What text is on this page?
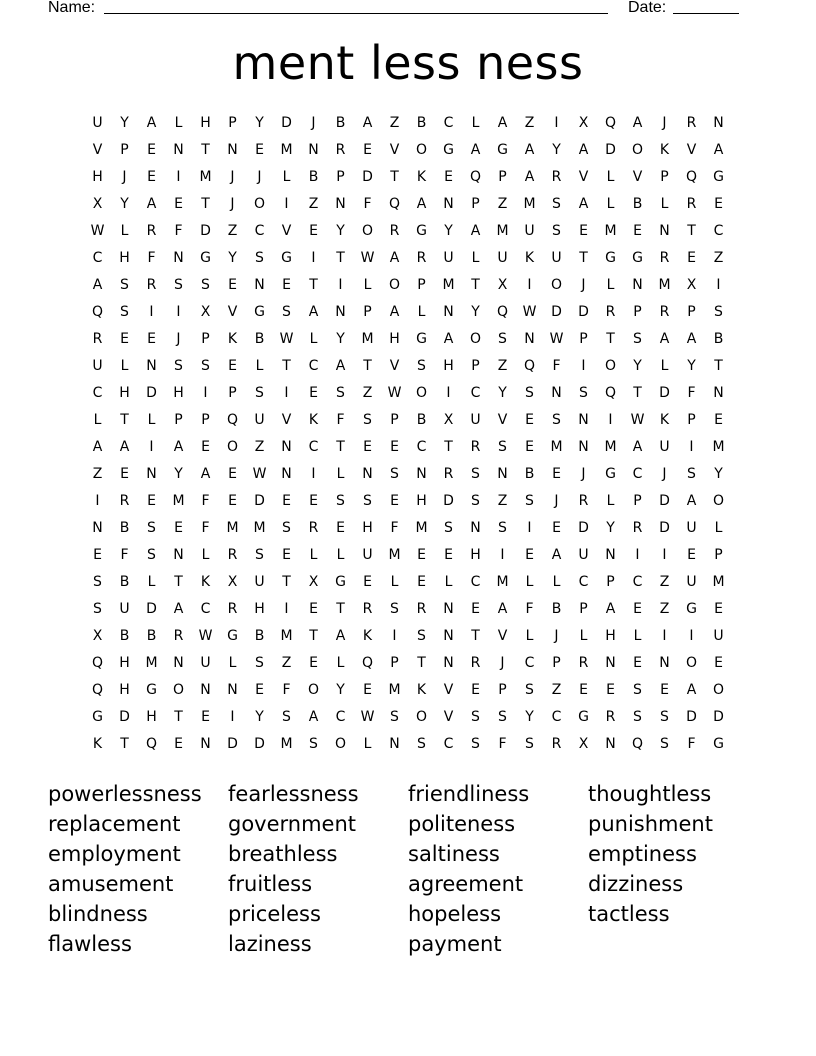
Name:	Date:
ment less ness
U	Y	A	L	H	P	Y	D	J	B	A	Z	B	C	L	A	Z	I	X	Q	A	J	R	N
V	P	E	N	T	N	E	M	N	R	E	V	O	G	A	G	A	Y	A	D	O	K	V	A
H	J	E	I	M	J	J	L	B	P	D	T	K	E	Q	P	A	R	V	L	V	P	Q	G
X	Y	A	E	T	J	O	I	Z	N	F	Q	A	N	P	Z	M	S	A	L	B	L	R	E
W	L	R	F	D	Z	C	V	E	Y	O	R	G	Y	A	M	U	S	E	M	E	N	T	C
C	H	F	N	G	Y	S	G	I	T	W	A	R	U	L	U	K	U	T	G	G	R	E	Z
A	S	R	S	S	E	N	E	T	I	L	O	P	M	T	X	I	O	J	L	N	M	X	I
Q	S	I	I	X	V	G	S	A	N	P	A	L	N	Y	Q	W	D	D	R	P	R	P	S
R	E	E	J	P	K	B	W	L	Y	M	H	G	A	O	S	N	W	P	T	S	A	A	B
U	L	N	S	S	E	L	T	C	A	T	V	S	H	P	Z	Q	F	I	O	Y	L	Y	T
C	H	D	H	I	P	S	I	E	S	Z	W	O	I	C	Y	S	N	S	Q	T	D	F	N
L	T	L	P	P	Q	U	V	K	F	S	P	B	X	U	V	E	S	N	I	W	K	P	E
A	A	I	A	E	O	Z	N	C	T	E	E	C	T	R	S	E	M	N	M	A	U	I	M
Z	E	N	Y	A	E	W	N	I	L	N	S	N	R	S	N	B	E	J	G	C	J	S	Y
I	R	E	M	F	E	D	E	E	S	S	E	H	D	S	Z	S	J	R	L	P	D	A	O
N	B	S	E	F	M	M	S	R	E	H	F	M	S	N	S	I	E	D	Y	R	D	U	L
E	F	S	N	L	R	S	E	L	L	U	M	E	E	H	I	E	A	U	N	I	I	E	P
S	B	L	T	K	X	U	T	X	G	E	L	E	L	C	M	L	L	C	P	C	Z	U	M
S	U	D	A	C	R	H	I	E	T	R	S	R	N	E	A	F	B	P	A	E	Z	G	E
X	B	B	R	W	G	B	M	T	A	K	I	S	N	T	V	L	J	L	H	L	I	I	U
Q	H	M	N	U	L	S	Z	E	L	Q	P	T	N	R	J	C	P	R	N	E	N	O	E
Q	H	G	O	N	N	E	F	O	Y	E	M	K	V	E	P	S	Z	E	E	S	E	A	O
G	D	H	T	E	I	Y	S	A	C	W	S	O	V	S	S	Y	C	G	R	S	S	D	D
K	T	Q	E	N	D	D	M	S	O	L	N	S	C	S	F	S	R	X	N	Q	S	F	G
powerlessness
replacement
employment
amusement
blindness
flawless
fearlessness
government
breathless
fruitless
priceless
laziness
friendliness
politeness
saltiness
agreement
hopeless
payment
thoughtless
punishment
emptiness
dizziness
tactless
